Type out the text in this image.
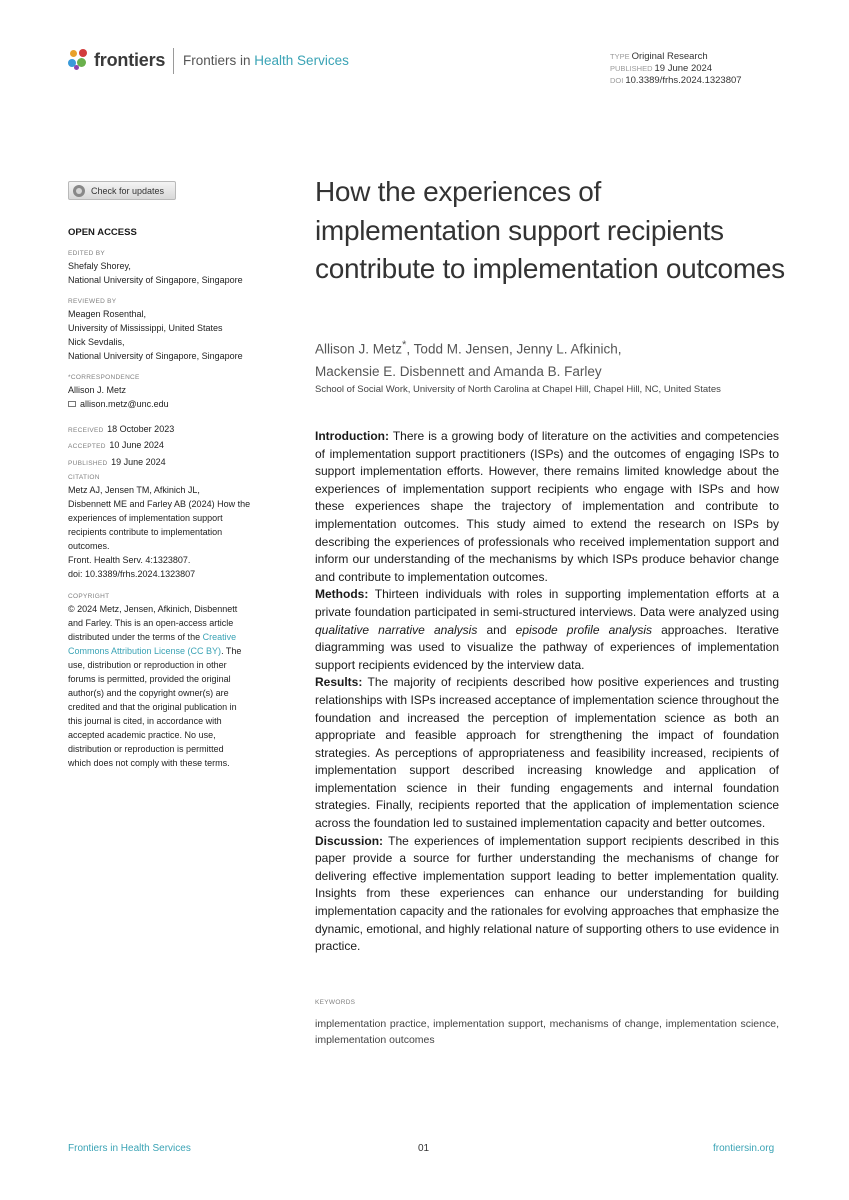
frontiers Frontiers in Health Services	TYPE Original Research
PUBLISHED 19 June 2024
DOI 10.3389/frhs.2024.1323807
Check for updates
OPEN ACCESS
EDITED BY
Shefaly Shorey,
National University of Singapore, Singapore
REVIEWED BY
Meagen Rosenthal,
University of Mississippi, United States
Nick Sevdalis,
National University of Singapore, Singapore
*CORRESPONDENCE
Allison J. Metz
allison.metz@unc.edu
RECEIVED 18 October 2023
ACCEPTED 10 June 2024
PUBLISHED 19 June 2024
CITATION
Metz AJ, Jensen TM, Afkinich JL,
Disbennett ME and Farley AB (2024) How the
experiences of implementation support
recipients contribute to implementation
outcomes.
Front. Health Serv. 4:1323807.
doi: 10.3389/frhs.2024.1323807
COPYRIGHT
© 2024 Metz, Jensen, Afkinich, Disbennett
and Farley. This is an open-access article
distributed under the terms of the Creative
Commons Attribution License (CC BY). The
use, distribution or reproduction in other
forums is permitted, provided the original
author(s) and the copyright owner(s) are
credited and that the original publication in
this journal is cited, in accordance with
accepted academic practice. No use,
distribution or reproduction is permitted
which does not comply with these terms.
How the experiences of implementation support recipients contribute to implementation outcomes
Allison J. Metz*, Todd M. Jensen, Jenny L. Afkinich,
Mackensie E. Disbennett and Amanda B. Farley
School of Social Work, University of North Carolina at Chapel Hill, Chapel Hill, NC, United States

Introduction: There is a growing body of literature on the activities and competencies of implementation support practitioners (ISPs) and the outcomes of engaging ISPs to support implementation efforts. However, there remains limited knowledge about the experiences of implementation support recipients who engage with ISPs and how these experiences shape the trajectory of implementation and contribute to implementation outcomes. This study aimed to extend the research on ISPs by describing the experiences of professionals who received implementation support and inform our understanding of the mechanisms by which ISPs produce behavior change and contribute to implementation outcomes.

Methods: Thirteen individuals with roles in supporting implementation efforts at a private foundation participated in semi-structured interviews. Data were analyzed using qualitative narrative analysis and episode profile analysis approaches. Iterative diagramming was used to visualize the pathway of experiences of implementation support recipients evidenced by the interview data.

Results: The majority of recipients described how positive experiences and trusting relationships with ISPs increased acceptance of implementation science throughout the foundation and increased the perception of implementation science as both an appropriate and feasible approach for strengthening the impact of foundation strategies. As perceptions of appropriateness and feasibility increased, recipients of implementation support described increasing knowledge and application of implementation science in their funding engagements and internal foundation strategies. Finally, recipients reported that the application of implementation science across the foundation led to sustained implementation capacity and better outcomes.

Discussion: The experiences of implementation support recipients described in this paper provide a source for further understanding the mechanisms of change for delivering effective implementation support leading to better implementation quality. Insights from these experiences can enhance our understanding for building implementation capacity and the rationales for evolving approaches that emphasize the dynamic, emotional, and highly relational nature of supporting others to use evidence in practice.

KEYWORDS
implementation practice, implementation support, mechanisms of change, implementation science, implementation outcomes
Frontiers in Health Services	01	frontiersin.org
